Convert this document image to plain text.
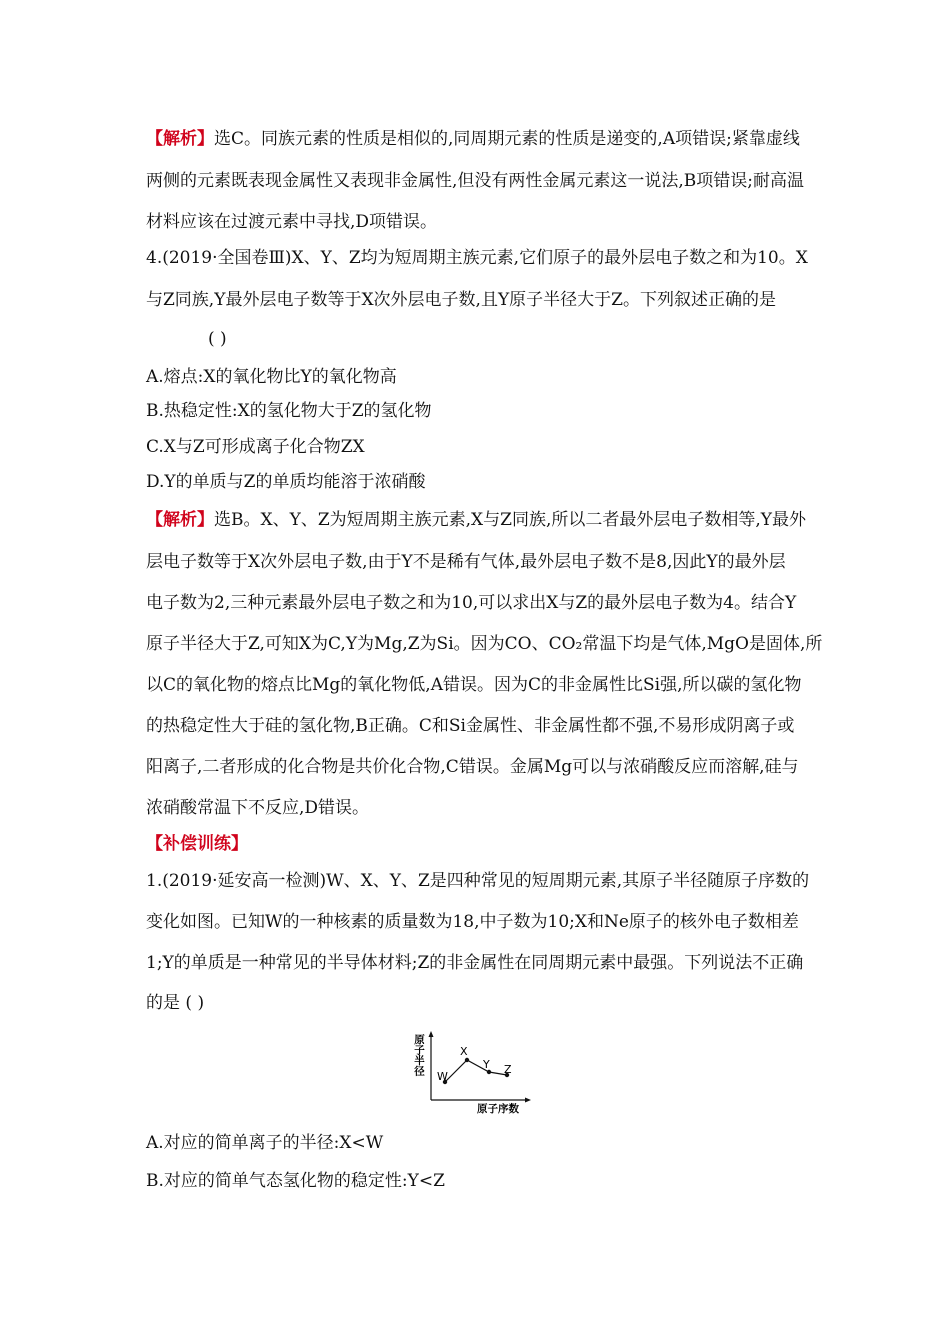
【解析】选C。同族元素的性质是相似的,同周期元素的性质是递变的,A项错误;紧靠虚线
两侧的元素既表现金属性又表现非金属性,但没有两性金属元素这一说法,B项错误;耐高温
材料应该在过渡元素中寻找,D项错误。
4.(2019·全国卷Ⅲ)X、Y、Z均为短周期主族元素,它们原子的最外层电子数之和为10。X
与Z同族,Y最外层电子数等于X次外层电子数,且Y原子半径大于Z。下列叙述正确的是
( )
A.熔点:X的氧化物比Y的氧化物高
B.热稳定性:X的氢化物大于Z的氢化物
C.X与Z可形成离子化合物ZX
D.Y的单质与Z的单质均能溶于浓硝酸
【解析】选B。X、Y、Z为短周期主族元素,X与Z同族,所以二者最外层电子数相等,Y最外
层电子数等于X次外层电子数,由于Y不是稀有气体,最外层电子数不是8,因此Y的最外层
电子数为2,三种元素最外层电子数之和为10,可以求出X与Z的最外层电子数为4。结合Y
原子半径大于Z,可知X为C,Y为Mg,Z为Si。因为CO、CO₂常温下均是气体,MgO是固体,所
以C的氧化物的熔点比Mg的氧化物低,A错误。因为C的非金属性比Si强,所以碳的氢化物
的热稳定性大于硅的氢化物,B正确。C和Si金属性、非金属性都不强,不易形成阴离子或
阳离子,二者形成的化合物是共价化合物,C错误。金属Mg可以与浓硝酸反应而溶解,硅与
浓硝酸常温下不反应,D错误。
【补偿训练】
1.(2019·延安高一检测)W、X、Y、Z是四种常见的短周期元素,其原子半径随原子序数的
变化如图。已知W的一种核素的质量数为18,中子数为10;X和Ne原子的核外电子数相差
1;Y的单质是一种常见的半导体材料;Z的非金属性在同周期元素中最强。下列说法不正确
的是 ( )
原子半径
原子序数
W
X
Y Z
A.对应的简单离子的半径:X<W
B.对应的简单气态氢化物的稳定性:Y<Z
